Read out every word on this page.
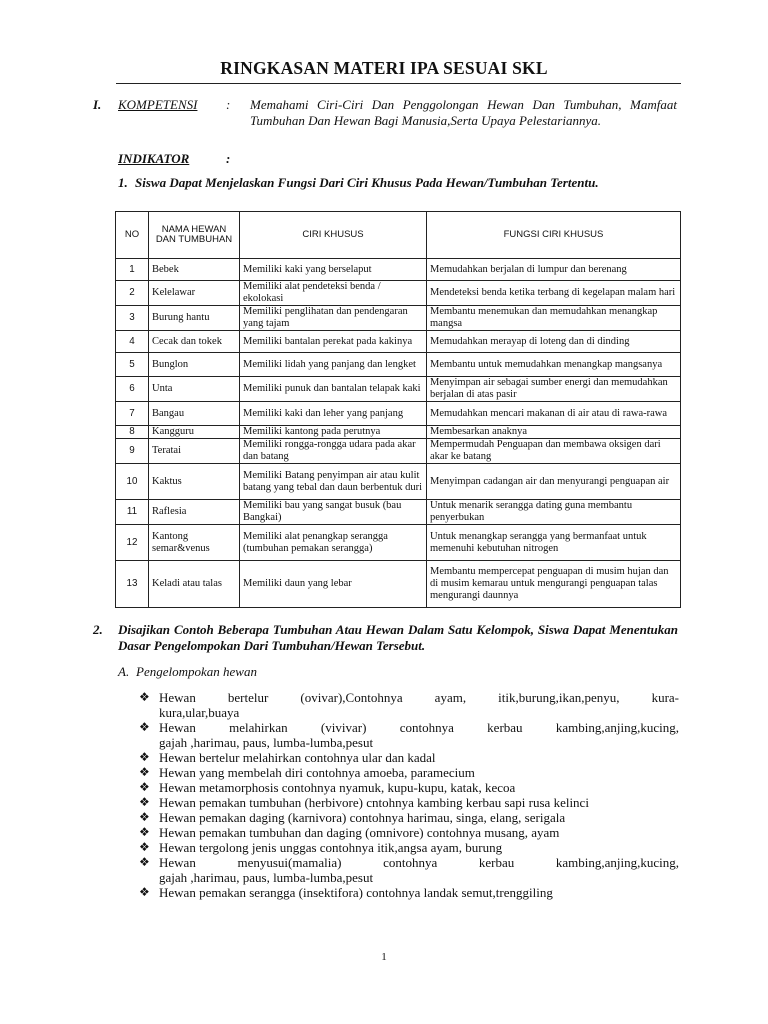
RINGKASAN MATERI IPA SESUAI SKL
I. KOMPETENSI : Memahami Ciri-Ciri Dan Penggolongan Hewan Dan Tumbuhan, Mamfaat Tumbuhan Dan Hewan Bagi Manusia,Serta Upaya Pelestariannya.
INDIKATOR	:
1. Siswa Dapat Menjelaskan Fungsi Dari Ciri Khusus Pada Hewan/Tumbuhan Tertentu.
NO	NAMA HEWAN DAN TUMBUHAN	CIRI KHUSUS	FUNGSI CIRI KHUSUS
1	Bebek	Memiliki kaki yang berselaput	Memudahkan berjalan di lumpur dan berenang
2	Kelelawar	Memiliki alat pendeteksi benda / ekolokasi	Mendeteksi benda ketika terbang di kegelapan malam hari
3	Burung hantu	Memiliki penglihatan dan pendengaran yang tajam	Membantu menemukan dan memudahkan menangkap mangsa
4	Cecak dan tokek	Memiliki bantalan perekat pada kakinya	Memudahkan merayap di loteng dan di dinding
5	Bunglon	Memiliki lidah yang panjang dan lengket	Membantu untuk memudahkan menangkap mangsanya
6	Unta	Memiliki punuk dan bantalan telapak kaki	Menyimpan air sebagai sumber energi dan memudahkan berjalan di atas pasir
7	Bangau	Memiliki kaki dan leher yang panjang	Memudahkan mencari makanan di air atau di rawa-rawa
8	Kangguru	Memiliki kantong pada perutnya	Membesarkan anaknya
9	Teratai	Memiliki rongga-rongga udara pada akar dan batang	Mempermudah Penguapan dan membawa oksigen dari akar ke batang
10	Kaktus	Memiliki Batang penyimpan air atau kulit batang yang tebal dan daun berbentuk duri	Menyimpan cadangan air dan menyurangi penguapan air
11	Raflesia	Memiliki bau yang sangat busuk (bau Bangkai)	Untuk menarik serangga dating guna membantu penyerbukan
12	Kantong semar&venus	Memiliki alat penangkap serangga (tumbuhan pemakan serangga)	Untuk menangkap serangga yang bermanfaat untuk memenuhi kebutuhan nitrogen
13	Keladi atau talas	Memiliki daun yang lebar	Membantu mempercepat penguapan di musim hujan dan di musim kemarau untuk mengurangi penguapan talas mengurangi daunnya
2. Disajikan Contoh Beberapa Tumbuhan Atau Hewan Dalam Satu Kelompok, Siswa Dapat Menentukan Dasar Pengelompokan Dari Tumbuhan/Hewan Tersebut.
A. Pengelompokan hewan
❖ Hewan bertelur (ovivar),Contohnya ayam, itik,burung,ikan,penyu, kura-
kura,ular,buaya
❖ Hewan melahirkan (vivivar) contohnya kerbau kambing,anjing,kucing,
gajah ,harimau, paus, lumba-lumba,pesut
❖ Hewan bertelur melahirkan contohnya ular dan kadal
❖ Hewan yang membelah diri contohnya amoeba, paramecium
❖ Hewan metamorphosis contohnya nyamuk, kupu-kupu, katak, kecoa
❖ Hewan pemakan tumbuhan (herbivore) cntohnya kambing kerbau sapi rusa kelinci
❖ Hewan pemakan daging (karnivora) contohnya harimau, singa, elang, serigala
❖ Hewan pemakan tumbuhan dan daging (omnivore) contohnya musang, ayam
❖ Hewan tergolong jenis unggas contohnya itik,angsa ayam, burung
❖ Hewan menyusui(mamalia) contohnya kerbau kambing,anjing,kucing,
gajah ,harimau, paus, lumba-lumba,pesut
❖ Hewan pemakan serangga (insektifora) contohnya landak semut,trenggiling
1
